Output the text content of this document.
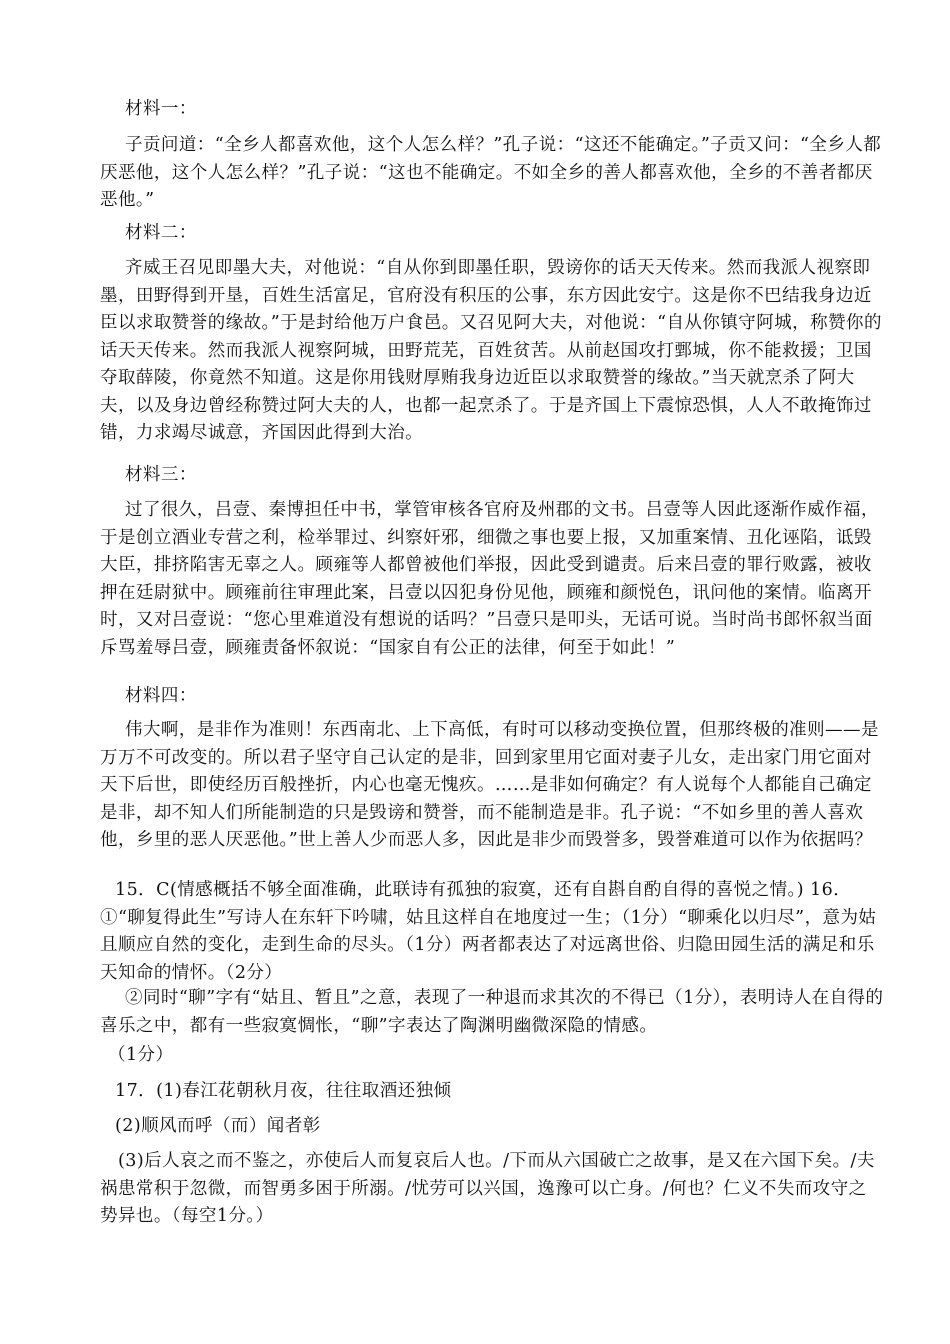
材料一：

子贡问道：“全乡人都喜欢他，这个人怎么样？”孔子说：“这还不能确定。”子贡又问：“全乡人都厌恶他，这个人怎么样？”孔子说：“这也不能确定。不如全乡的善人都喜欢他，全乡的不善者都厌恶他。”

材料二：

齐威王召见即墨大夫，对他说：“自从你到即墨任职，毁谤你的话天天传来。然而我派人视察即墨，田野得到开垦，百姓生活富足，官府没有积压的公事，东方因此安宁。这是你不巴结我身边近臣以求取赞誉的缘故。”于是封给他万户食邑。又召见阿大夫，对他说：“自从你镇守阿城，称赞你的话天天传来。然而我派人视察阿城，田野荒芜，百姓贫苦。从前赵国攻打鄄城，你不能救援；卫国夺取薛陵，你竟然不知道。这是你用钱财厚贿我身边近臣以求取赞誉的缘故。”当天就烹杀了阿大夫，以及身边曾经称赞过阿大夫的人，也都一起烹杀了。于是齐国上下震惊恐惧，人人不敢掩饰过错，力求竭尽诚意，齐国因此得到大治。

材料三：

过了很久，吕壹、秦博担任中书，掌管审核各官府及州郡的文书。吕壹等人因此逐渐作威作福，于是创立酒业专营之利，检举罪过、纠察奸邪，细微之事也要上报，又加重案情、丑化诬陷，诋毁大臣，排挤陷害无辜之人。顾雍等人都曾被他们举报，因此受到谴责。后来吕壹的罪行败露，被收押在廷尉狱中。顾雍前往审理此案，吕壹以囚犯身份见他，顾雍和颜悦色，讯问他的案情。临离开时，又对吕壹说：“您心里难道没有想说的话吗？”吕壹只是叩头，无话可说。当时尚书郎怀叙当面斥骂羞辱吕壹，顾雍责备怀叙说：“国家自有公正的法律，何至于如此！”

材料四：

伟大啊，是非作为准则！东西南北、上下高低，有时可以移动变换位置，但那终极的准则——是万万不可改变的。所以君子坚守自己认定的是非，回到家里用它面对妻子儿女，走出家门用它面对天下后世，即使经历百般挫折，内心也毫无愧疚。……是非如何确定？有人说每个人都能自己确定是非，却不知人们所能制造的只是毁谤和赞誉，而不能制造是非。孔子说：“不如乡里的善人喜欢他，乡里的恶人厌恶他。”世上善人少而恶人多，因此是非少而毁誉多，毁誉难道可以作为依据吗？

15．C(情感概括不够全面准确，此联诗有孤独的寂寞，还有自斟自酌自得的喜悦之情。) 16．①“聊复得此生”写诗人在东轩下吟啸，姑且这样自在地度过一生；（1分）“聊乘化以归尽”，意为姑且顺应自然的变化，走到生命的尽头。（1分）两者都表达了对远离世俗、归隐田园生活的满足和乐天知命的情怀。（2分）

②同时“聊”字有“姑且、暂且”之意，表现了一种退而求其次的不得已（1分），表明诗人在自得的喜乐之中，都有一些寂寞惆怅，“聊”字表达了陶渊明幽微深隐的情感。

（1分）

17．(1)春江花朝秋月夜，往往取酒还独倾

(2)顺风而呼（而）闻者彰

(3)后人哀之而不鉴之，亦使后人而复哀后人也。/下而从六国破亡之故事，是又在六国下矣。/夫祸患常积于忽微，而智勇多困于所溺。/忧劳可以兴国，逸豫可以亡身。/何也？仁义不失而攻守之势异也。（每空1分。）
